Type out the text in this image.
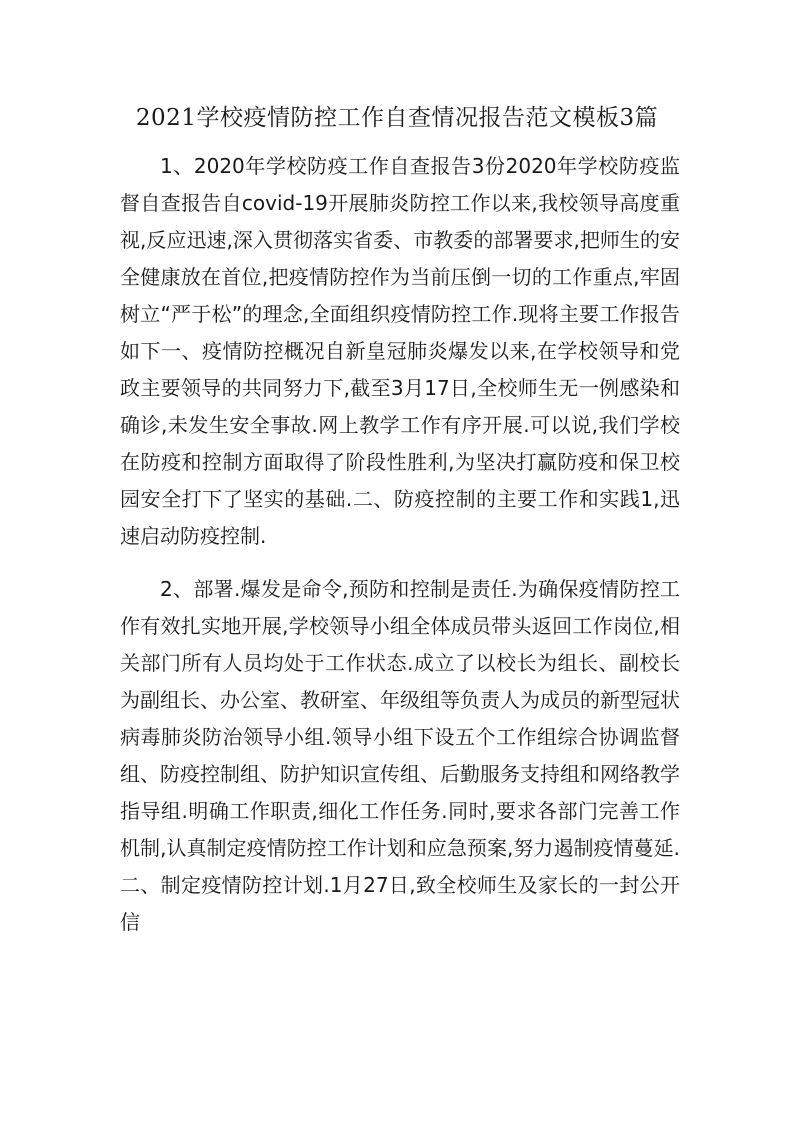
2021学校疫情防控工作自查情况报告范文模板3篇

1、2020年学校防疫工作自查报告3份2020年学校防疫监督自查报告自covid-19开展肺炎防控工作以来,我校领导高度重视,反应迅速,深入贯彻落实省委、市教委的部署要求,把师生的安全健康放在首位,把疫情防控作为当前压倒一切的工作重点,牢固树立“严于松”的理念,全面组织疫情防控工作.现将主要工作报告如下一、疫情防控概况自新皇冠肺炎爆发以来,在学校领导和党政主要领导的共同努力下,截至3月17日,全校师生无一例感染和确诊,未发生安全事故.网上教学工作有序开展.可以说,我们学校在防疫和控制方面取得了阶段性胜利,为坚决打赢防疫和保卫校园安全打下了坚实的基础.二、防疫控制的主要工作和实践1,迅速启动防疫控制.

2、部署.爆发是命令,预防和控制是责任.为确保疫情防控工作有效扎实地开展,学校领导小组全体成员带头返回工作岗位,相关部门所有人员均处于工作状态.成立了以校长为组长、副校长为副组长、办公室、教研室、年级组等负责人为成员的新型冠状病毒肺炎防治领导小组.领导小组下设五个工作组综合协调监督组、防疫控制组、防护知识宣传组、后勤服务支持组和网络教学指导组.明确工作职责,细化工作任务.同时,要求各部门完善工作机制,认真制定疫情防控工作计划和应急预案,努力遏制疫情蔓延.二、制定疫情防控计划.1月27日,致全校师生及家长的一封公开信
